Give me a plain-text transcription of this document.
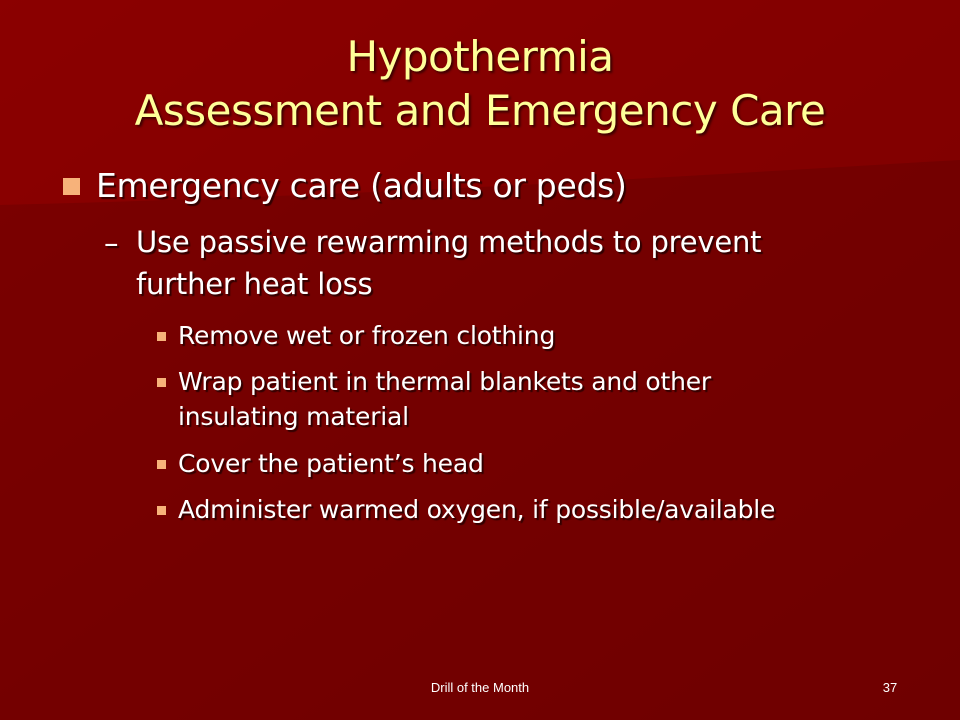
Hypothermia
Assessment and Emergency Care
Emergency care (adults or peds)
– Use passive rewarming methods to prevent
further heat loss
Remove wet or frozen clothing
Wrap patient in thermal blankets and other
insulating material
Cover the patient’s head
Administer warmed oxygen, if possible/available
Drill of the Month	37
